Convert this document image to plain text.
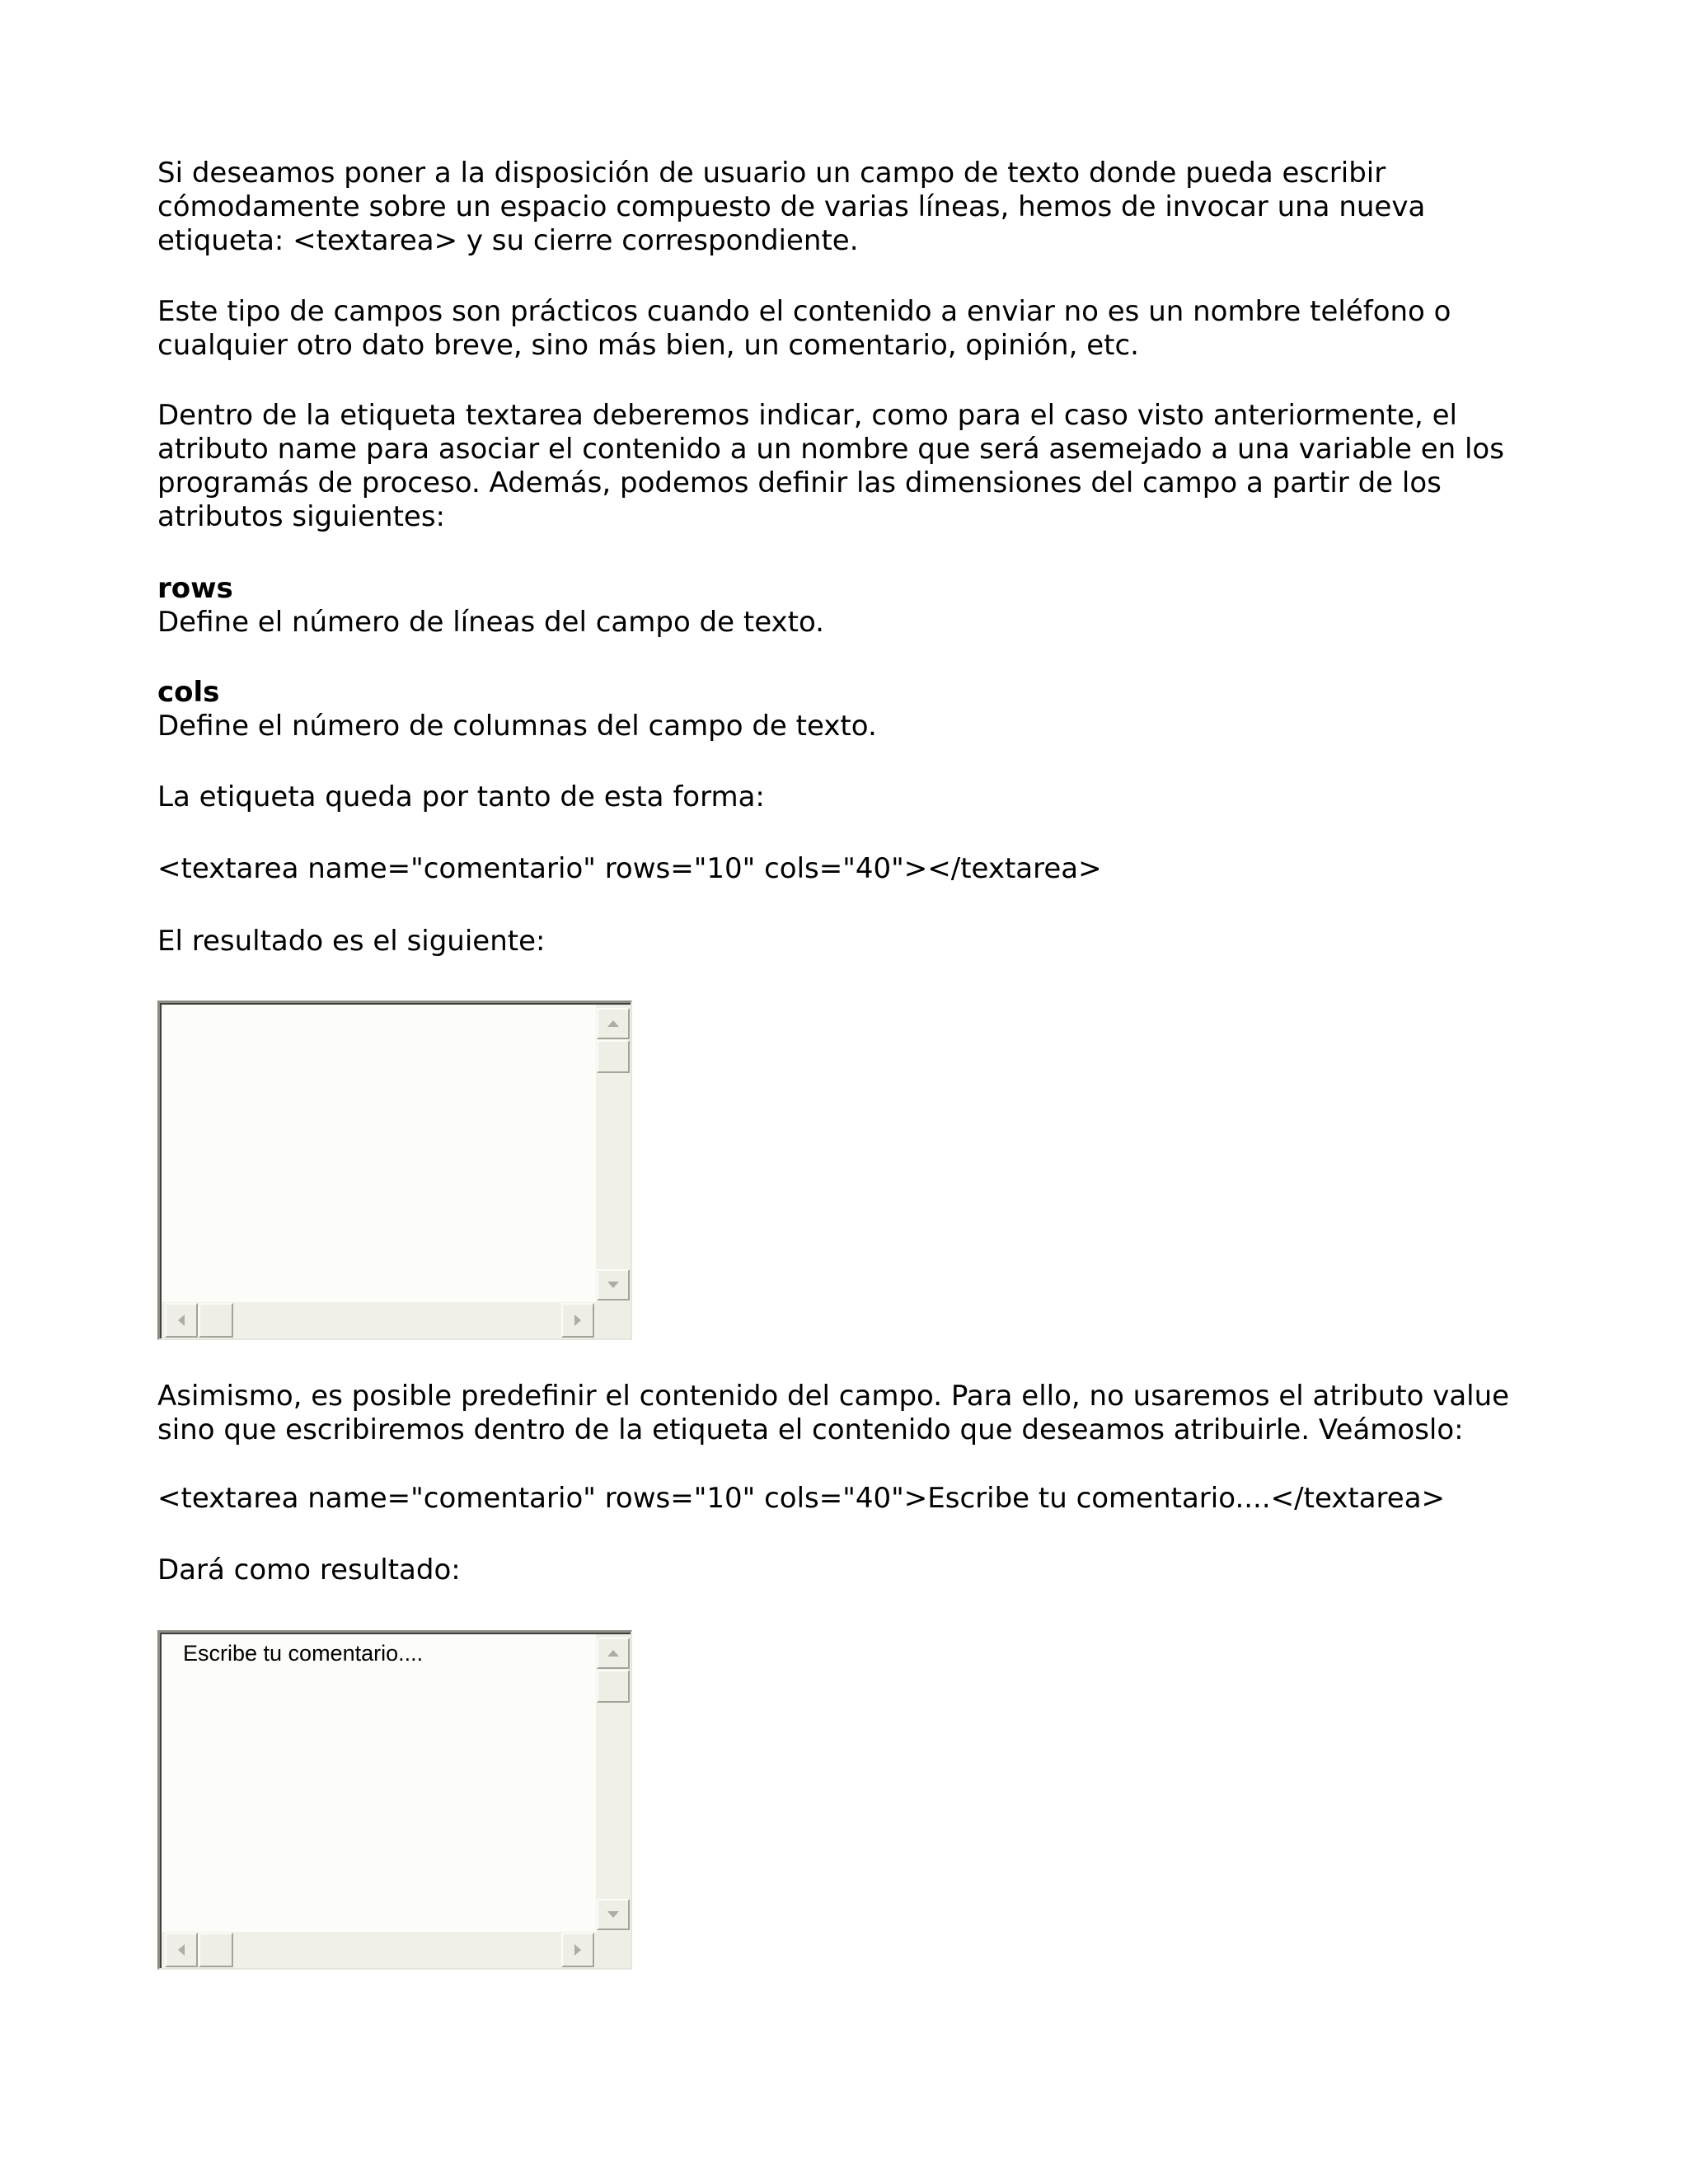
Si deseamos poner a la disposición de usuario un campo de texto donde pueda escribir

cómodamente sobre un espacio compuesto de varias líneas, hemos de invocar una nueva

etiqueta: <textarea> y su cierre correspondiente.

Este tipo de campos son prácticos cuando el contenido a enviar no es un nombre teléfono o

cualquier otro dato breve, sino más bien, un comentario, opinión, etc.

Dentro de la etiqueta textarea deberemos indicar, como para el caso visto anteriormente, el

atributo name para asociar el contenido a un nombre que será asemejado a una variable en los

programás de proceso. Además, podemos definir las dimensiones del campo a partir de los

atributos siguientes:

rows

Define el número de líneas del campo de texto.

cols

Define el número de columnas del campo de texto.

La etiqueta queda por tanto de esta forma:

<textarea name="comentario" rows="10" cols="40"></textarea>

El resultado es el siguiente:

Asimismo, es posible predefinir el contenido del campo. Para ello, no usaremos el atributo value

sino que escribiremos dentro de la etiqueta el contenido que deseamos atribuirle. Veámoslo:

<textarea name="comentario" rows="10" cols="40">Escribe tu comentario....</textarea>

Dará como resultado:

Escribe tu comentario....
